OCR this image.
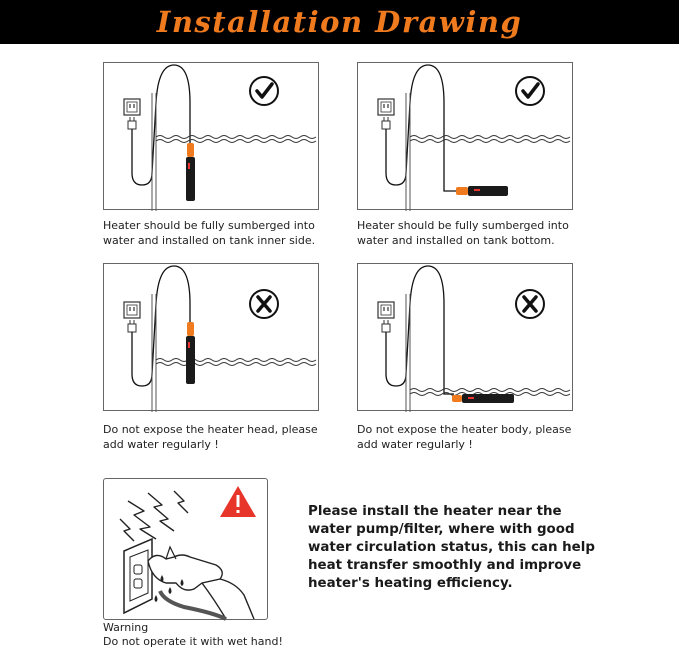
Installation Drawing
Heater should be fully sumberged into water and installed on tank inner side.
Heater should be fully sumberged into water and installed on tank bottom.
Do not expose the heater head, please add water regularly !
Do not expose the heater body, please add water regularly !
Warning
Do not operate it with wet hand!
Please install the heater near the water pump/filter, where with good water circulation status, this can help heat transfer smoothly and improve heater's heating efficiency.
